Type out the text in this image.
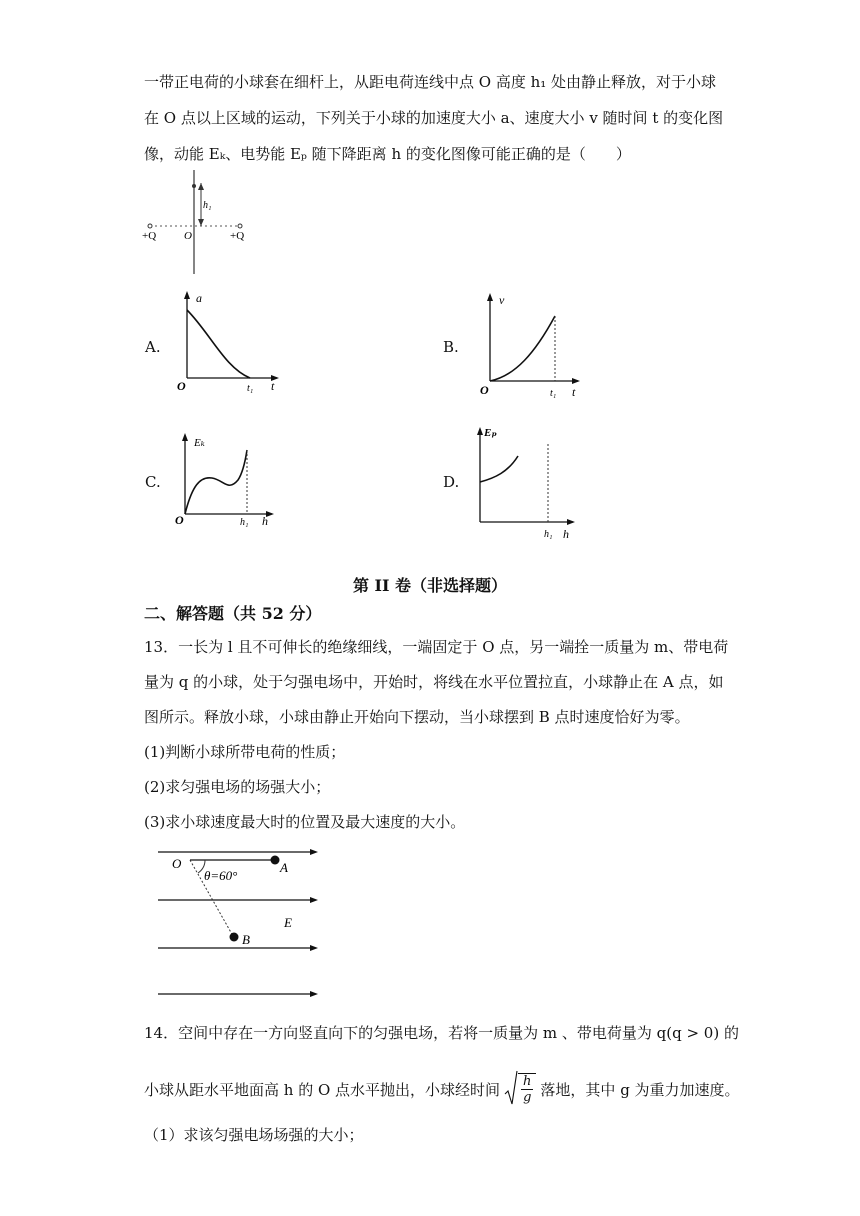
一带正电荷的小球套在细杆上，从距电荷连线中点 O 高度 h₁ 处由静止释放，对于小球
在 O 点以上区域的运动，下列关于小球的加速度大小 a、速度大小 v 随时间 t 的变化图
像，动能 Eₖ、电势能 Eₚ 随下降距离 h 的变化图像可能正确的是（　　）
h₁
+Q	O	+Q
A.
a
t
O	t₁
B.
v
t
O	t₁
C.
Eₖ
h
O	h₁
D.
Eₚ
h
h₁
第 II 卷（非选择题）
二、解答题（共 52 分）
13．一长为 l 且不可伸长的绝缘细线，一端固定于 O 点，另一端拴一质量为 m、带电荷
量为 q 的小球，处于匀强电场中，开始时，将线在水平位置拉直，小球静止在 A 点，如
图所示。释放小球，小球由静止开始向下摆动，当小球摆到 B 点时速度恰好为零。
(1)判断小球所带电荷的性质；
(2)求匀强电场的场强大小；
(3)求小球速度最大时的位置及最大速度的大小。
O	A
B
θ=60°
E
14．空间中存在一方向竖直向下的匀强电场，若将一质量为 m 、带电荷量为 q(q > 0) 的
小球从距水平地面高 h 的 O 点水平抛出，小球经时间 $\frac{h}{g}$ 落地，其中 g 为重力加速度。
（1）求该匀强电场场强的大小；
